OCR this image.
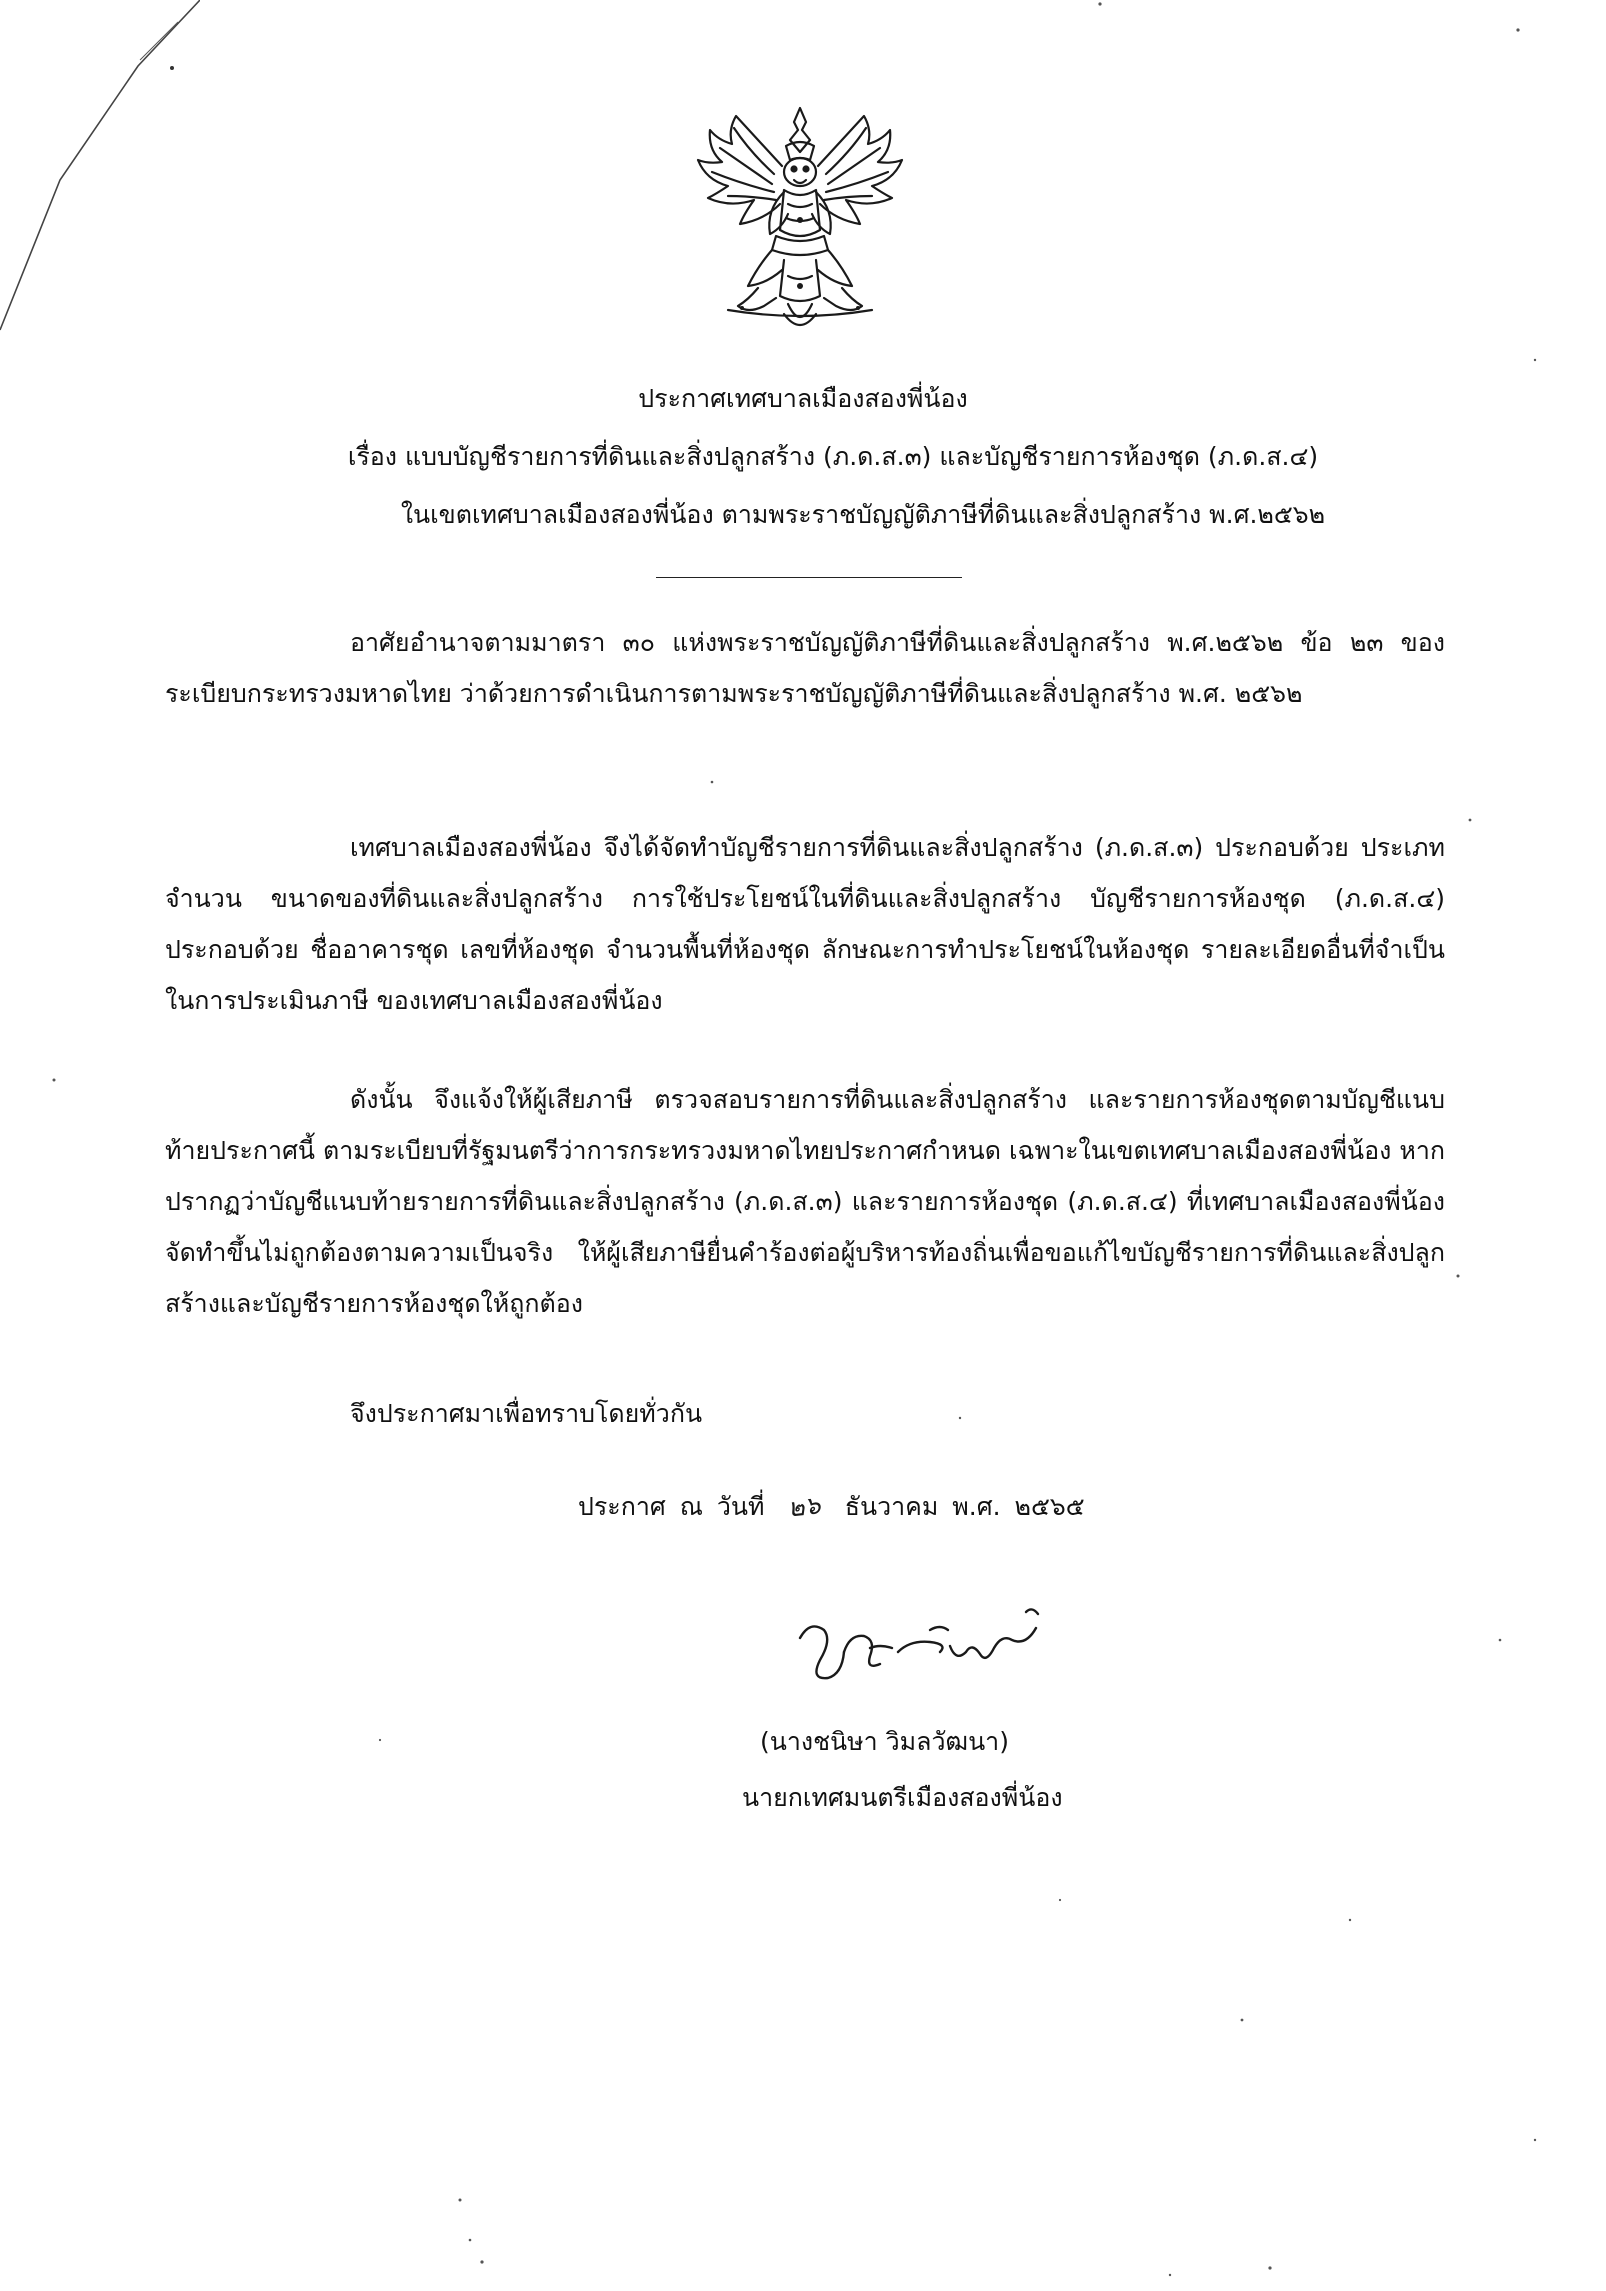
ประกาศเทศบาลเมืองสองพี่น้อง
เรื่อง แบบบัญชีรายการที่ดินและสิ่งปลูกสร้าง (ภ.ด.ส.๓) และบัญชีรายการห้องชุด (ภ.ด.ส.๔)
ในเขตเทศบาลเมืองสองพี่น้อง ตามพระราชบัญญัติภาษีที่ดินและสิ่งปลูกสร้าง พ.ศ.๒๕๖๒
อาศัยอำนาจตามมาตรา ๓๐ แห่งพระราชบัญญัติภาษีที่ดินและสิ่งปลูกสร้าง พ.ศ.๒๕๖๒ ข้อ ๒๓ ของระเบียบกระทรวงมหาดไทย ว่าด้วยการดำเนินการตามพระราชบัญญัติภาษีที่ดินและสิ่งปลูกสร้าง พ.ศ. ๒๕๖๒
เทศบาลเมืองสองพี่น้อง จึงได้จัดทำบัญชีรายการที่ดินและสิ่งปลูกสร้าง (ภ.ด.ส.๓) ประกอบด้วย ประเภท จำนวน ขนาดของที่ดินและสิ่งปลูกสร้าง การใช้ประโยชน์ในที่ดินและสิ่งปลูกสร้าง บัญชีรายการห้องชุด (ภ.ด.ส.๔) ประกอบด้วย ชื่ออาคารชุด เลขที่ห้องชุด จำนวนพื้นที่ห้องชุด ลักษณะการทำประโยชน์ในห้องชุด รายละเอียดอื่นที่จำเป็นในการประเมินภาษี ของเทศบาลเมืองสองพี่น้อง
ดังนั้น จึงแจ้งให้ผู้เสียภาษี ตรวจสอบรายการที่ดินและสิ่งปลูกสร้าง และรายการห้องชุดตามบัญชีแนบท้ายประกาศนี้ ตามระเบียบที่รัฐมนตรีว่าการกระทรวงมหาดไทยประกาศกำหนด เฉพาะในเขตเทศบาลเมืองสองพี่น้อง หากปรากฏว่าบัญชีแนบท้ายรายการที่ดินและสิ่งปลูกสร้าง (ภ.ด.ส.๓) และรายการห้องชุด (ภ.ด.ส.๔) ที่เทศบาลเมืองสองพี่น้องจัดทำขึ้นไม่ถูกต้องตามความเป็นจริง ให้ผู้เสียภาษียื่นคำร้องต่อผู้บริหารท้องถิ่นเพื่อขอแก้ไขบัญชีรายการที่ดินและสิ่งปลูกสร้างและบัญชีรายการห้องชุดให้ถูกต้อง
จึงประกาศมาเพื่อทราบโดยทั่วกัน
ประกาศ ณ วันที่ ๒๖ ธันวาคม พ.ศ. ๒๕๖๕
(นางชนิษา วิมลวัฒนา)
นายกเทศมนตรีเมืองสองพี่น้อง
